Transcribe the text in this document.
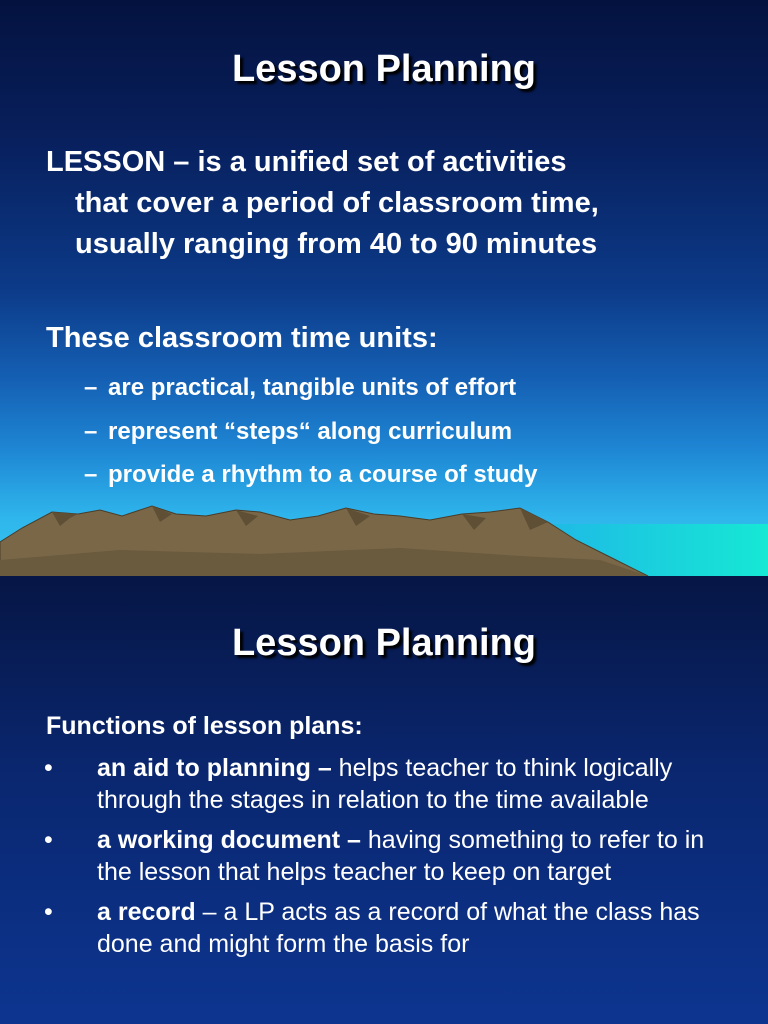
Lesson Planning
LESSON – is a unified set of activities
that cover a period of classroom time,
usually ranging from 40 to 90 minutes
These classroom time units:
– are practical, tangible units of effort
– represent “steps“ along curriculum
– provide a rhythm to a course of study
Lesson Planning
Functions of lesson plans:
•	an aid to planning – helps teacher to think logically through the stages in relation to the time available
•	a working document – having something to refer to in the lesson that helps teacher to keep on target
•	a record – a LP acts as a record of what the class has done and might form the basis for
